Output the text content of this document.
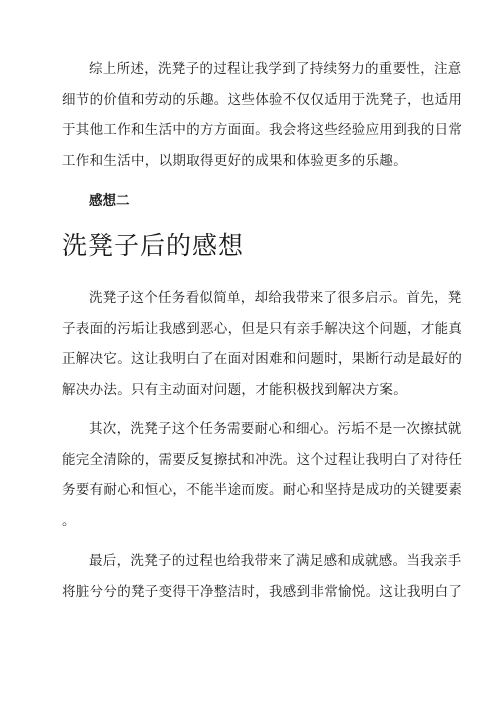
综上所述，洗凳子的过程让我学到了持续努力的重要性，注意
细节的价值和劳动的乐趣。这些体验不仅仅适用于洗凳子，也适用
于其他工作和生活中的方方面面。我会将这些经验应用到我的日常
工作和生活中，以期取得更好的成果和体验更多的乐趣。

感想二

洗凳子后的感想
洗凳子这个任务看似简单，却给我带来了很多启示。首先，凳
子表面的污垢让我感到恶心，但是只有亲手解决这个问题，才能真
正解决它。这让我明白了在面对困难和问题时，果断行动是最好的
解决办法。只有主动面对问题，才能积极找到解决方案。
其次，洗凳子这个任务需要耐心和细心。污垢不是一次擦拭就
能完全清除的，需要反复擦拭和冲洗。这个过程让我明白了对待任
务要有耐心和恒心，不能半途而废。耐心和坚持是成功的关键要素
。
最后，洗凳子的过程也给我带来了满足感和成就感。当我亲手
将脏兮兮的凳子变得干净整洁时，我感到非常愉悦。这让我明白了
